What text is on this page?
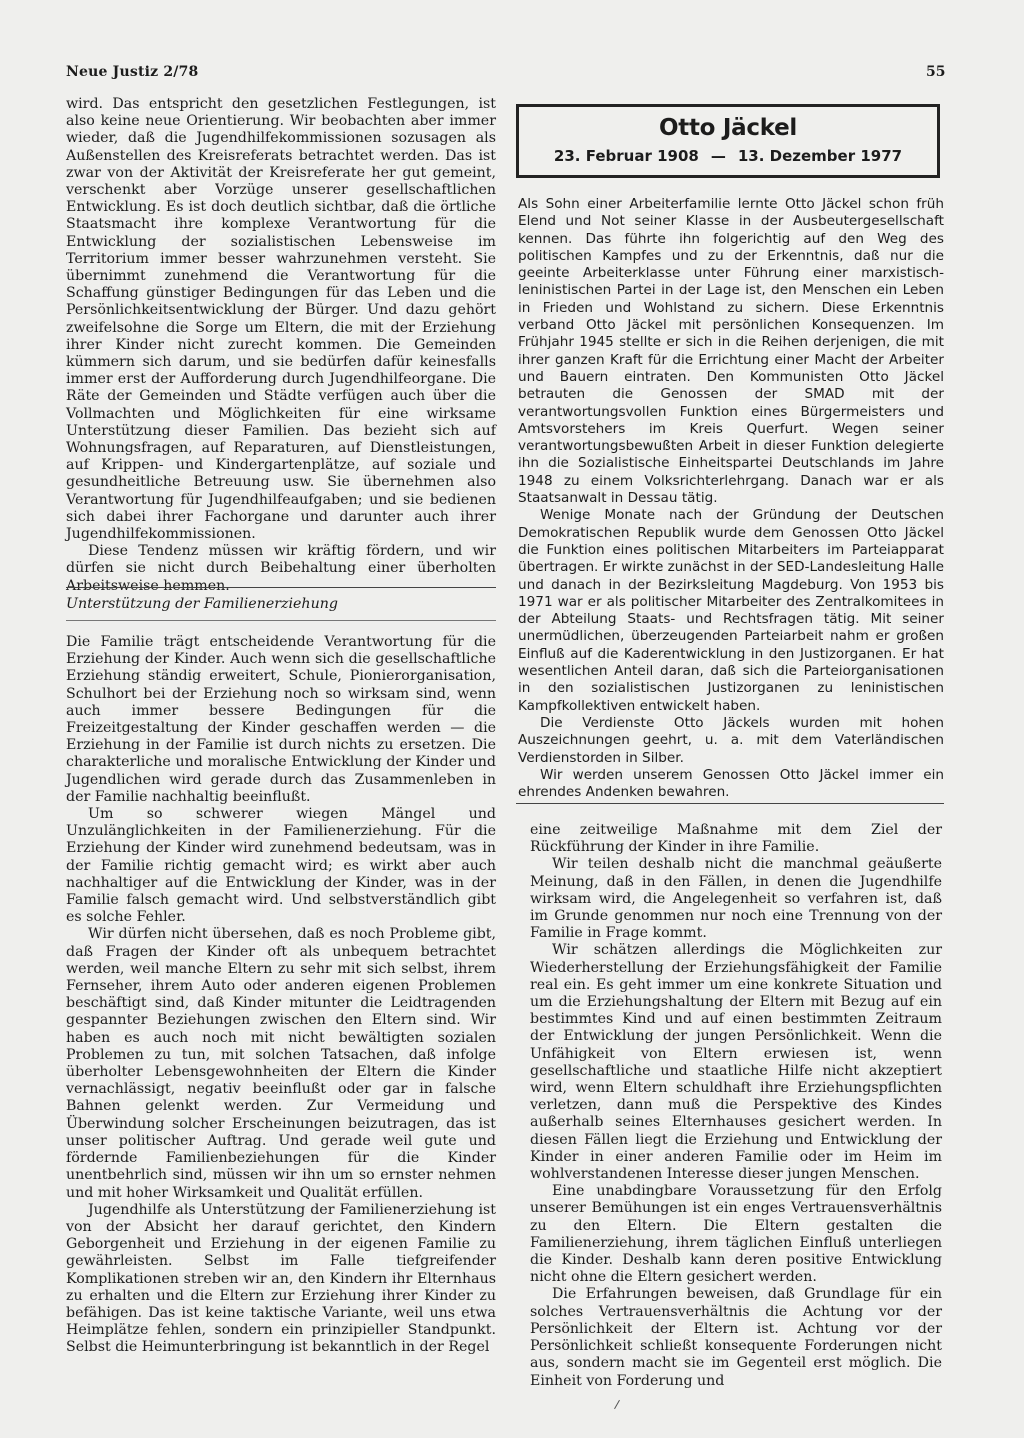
Neue Justiz 2/78	55

wird. Das entspricht den gesetzlichen Festlegungen, ist also keine neue Orientierung. Wir beobachten aber immer wieder, daß die Jugendhilfekommissionen sozusagen als Außenstellen des Kreisreferats betrachtet werden. Das ist zwar von der Aktivität der Kreisreferate her gut gemeint, verschenkt aber Vorzüge unserer gesellschaftlichen Entwicklung. Es ist doch deutlich sichtbar, daß die örtliche Staatsmacht ihre komplexe Verantwortung für die Entwicklung der sozialistischen Lebensweise im Territorium immer besser wahrzunehmen versteht. Sie übernimmt zunehmend die Verantwortung für die Schaffung günstiger Bedingungen für das Leben und die Persönlichkeitsentwicklung der Bürger. Und dazu gehört zweifelsohne die Sorge um Eltern, die mit der Erziehung ihrer Kinder nicht zurecht kommen. Die Gemeinden kümmern sich darum, und sie bedürfen dafür keinesfalls immer erst der Aufforderung durch Jugendhilfeorgane. Die Räte der Gemeinden und Städte verfügen auch über die Vollmachten und Möglichkeiten für eine wirksame Unterstützung dieser Familien. Das bezieht sich auf Wohnungsfragen, auf Reparaturen, auf Dienstleistungen, auf Krippen- und Kindergartenplätze, auf soziale und gesundheitliche Betreuung usw. Sie übernehmen also Verantwortung für Jugendhilfeaufgaben; und sie bedienen sich dabei ihrer Fachorgane und darunter auch ihrer Jugendhilfekommissionen.

Diese Tendenz müssen wir kräftig fördern, und wir dürfen sie nicht durch Beibehaltung einer überholten Arbeitsweise hemmen.

Unterstützung der Familienerziehung

Die Familie trägt entscheidende Verantwortung für die Erziehung der Kinder. Auch wenn sich die gesellschaftliche Erziehung ständig erweitert, Schule, Pionierorganisation, Schulhort bei der Erziehung noch so wirksam sind, wenn auch immer bessere Bedingungen für die Freizeitgestaltung der Kinder geschaffen werden — die Erziehung in der Familie ist durch nichts zu ersetzen. Die charakterliche und moralische Entwicklung der Kinder und Jugendlichen wird gerade durch das Zusammenleben in der Familie nachhaltig beeinflußt.

Um so schwerer wiegen Mängel und Unzulänglichkeiten in der Familienerziehung. Für die Erziehung der Kinder wird zunehmend bedeutsam, was in der Familie richtig gemacht wird; es wirkt aber auch nachhaltiger auf die Entwicklung der Kinder, was in der Familie falsch gemacht wird. Und selbstverständlich gibt es solche Fehler.

Wir dürfen nicht übersehen, daß es noch Probleme gibt, daß Fragen der Kinder oft als unbequem betrachtet werden, weil manche Eltern zu sehr mit sich selbst, ihrem Fernseher, ihrem Auto oder anderen eigenen Problemen beschäftigt sind, daß Kinder mitunter die Leidtragenden gespannter Beziehungen zwischen den Eltern sind. Wir haben es auch noch mit nicht bewältigten sozialen Problemen zu tun, mit solchen Tatsachen, daß infolge überholter Lebensgewohnheiten der Eltern die Kinder vernachlässigt, negativ beeinflußt oder gar in falsche Bahnen gelenkt werden. Zur Vermeidung und Überwindung solcher Erscheinungen beizutragen, das ist unser politischer Auftrag. Und gerade weil gute und fördernde Familienbeziehungen für die Kinder unentbehrlich sind, müssen wir ihn um so ernster nehmen und mit hoher Wirksamkeit und Qualität erfüllen.

Jugendhilfe als Unterstützung der Familienerziehung ist von der Absicht her darauf gerichtet, den Kindern Geborgenheit und Erziehung in der eigenen Familie zu gewährleisten. Selbst im Falle tiefgreifender Komplikationen streben wir an, den Kindern ihr Elternhaus zu erhalten und die Eltern zur Erziehung ihrer Kinder zu befähigen. Das ist keine taktische Variante, weil uns etwa Heimplätze fehlen, sondern ein prinzipieller Standpunkt. Selbst die Heimunterbringung ist bekanntlich in der Regel

Otto Jäckel
23. Februar 1908 — 13. Dezember 1977

Als Sohn einer Arbeiterfamilie lernte Otto Jäckel schon früh Elend und Not seiner Klasse in der Ausbeutergesellschaft kennen. Das führte ihn folgerichtig auf den Weg des politischen Kampfes und zu der Erkenntnis, daß nur die geeinte Arbeiterklasse unter Führung einer marxistisch-leninistischen Partei in der Lage ist, den Menschen ein Leben in Frieden und Wohlstand zu sichern. Diese Erkenntnis verband Otto Jäckel mit persönlichen Konsequenzen. Im Frühjahr 1945 stellte er sich in die Reihen derjenigen, die mit ihrer ganzen Kraft für die Errichtung einer Macht der Arbeiter und Bauern eintraten. Den Kommunisten Otto Jäckel betrauten die Genossen der SMAD mit der verantwortungsvollen Funktion eines Bürgermeisters und Amtsvorstehers im Kreis Querfurt. Wegen seiner verantwortungsbewußten Arbeit in dieser Funktion delegierte ihn die Sozialistische Einheitspartei Deutschlands im Jahre 1948 zu einem Volksrichterlehrgang. Danach war er als Staatsanwalt in Dessau tätig.

Wenige Monate nach der Gründung der Deutschen Demokratischen Republik wurde dem Genossen Otto Jäckel die Funktion eines politischen Mitarbeiters im Parteiapparat übertragen. Er wirkte zunächst in der SED-Landesleitung Halle und danach in der Bezirksleitung Magdeburg. Von 1953 bis 1971 war er als politischer Mitarbeiter des Zentralkomitees in der Abteilung Staats- und Rechtsfragen tätig. Mit seiner unermüdlichen, überzeugenden Parteiarbeit nahm er großen Einfluß auf die Kaderentwicklung in den Justizorganen. Er hat wesentlichen Anteil daran, daß sich die Parteiorganisationen in den sozialistischen Justizorganen zu leninistischen Kampfkollektiven entwickelt haben.

Die Verdienste Otto Jäckels wurden mit hohen Auszeichnungen geehrt, u. a. mit dem Vaterländischen Verdienstorden in Silber.

Wir werden unserem Genossen Otto Jäckel immer ein ehrendes Andenken bewahren.

eine zeitweilige Maßnahme mit dem Ziel der Rückführung der Kinder in ihre Familie.

Wir teilen deshalb nicht die manchmal geäußerte Meinung, daß in den Fällen, in denen die Jugendhilfe wirksam wird, die Angelegenheit so verfahren ist, daß im Grunde genommen nur noch eine Trennung von der Familie in Frage kommt.

Wir schätzen allerdings die Möglichkeiten zur Wiederherstellung der Erziehungsfähigkeit der Familie real ein. Es geht immer um eine konkrete Situation und um die Erziehungshaltung der Eltern mit Bezug auf ein bestimmtes Kind und auf einen bestimmten Zeitraum der Entwicklung der jungen Persönlichkeit. Wenn die Unfähigkeit von Eltern erwiesen ist, wenn gesellschaftliche und staatliche Hilfe nicht akzeptiert wird, wenn Eltern schuldhaft ihre Erziehungspflichten verletzen, dann muß die Perspektive des Kindes außerhalb seines Elternhauses gesichert werden. In diesen Fällen liegt die Erziehung und Entwicklung der Kinder in einer anderen Familie oder im Heim im wohlverstandenen Interesse dieser jungen Menschen.

Eine unabdingbare Voraussetzung für den Erfolg unserer Bemühungen ist ein enges Vertrauensverhältnis zu den Eltern. Die Eltern gestalten die Familienerziehung, ihrem täglichen Einfluß unterliegen die Kinder. Deshalb kann deren positive Entwicklung nicht ohne die Eltern gesichert werden.

Die Erfahrungen beweisen, daß Grundlage für ein solches Vertrauensverhältnis die Achtung vor der Persönlichkeit der Eltern ist. Achtung vor der Persönlichkeit schließt konsequente Forderungen nicht aus, sondern macht sie im Gegenteil erst möglich. Die Einheit von Forderung und
